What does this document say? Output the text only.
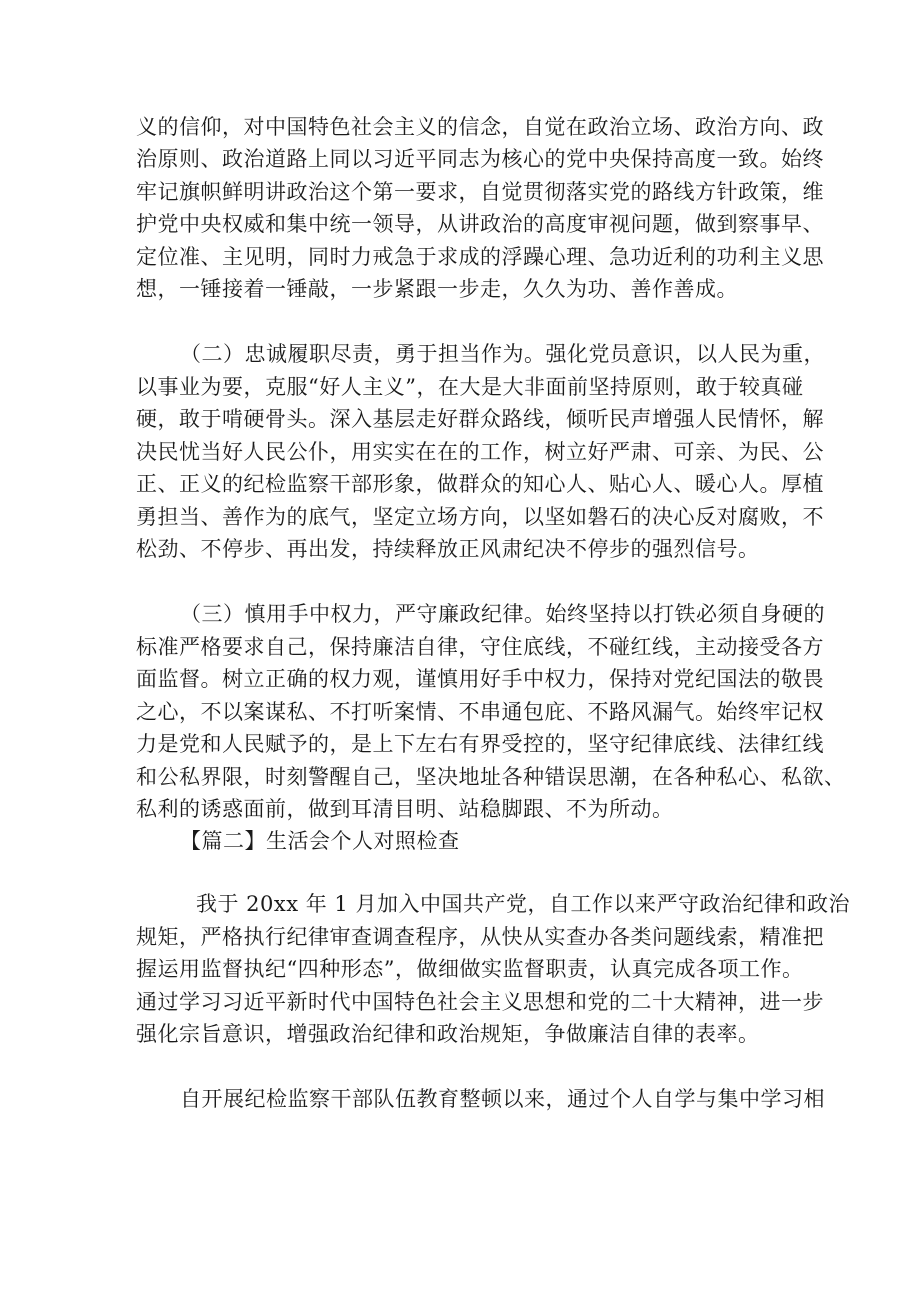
义的信仰，对中国特色社会主义的信念，自觉在政治立场、政治方向、政
治原则、政治道路上同以习近平同志为核心的党中央保持高度一致。始终
牢记旗帜鲜明讲政治这个第一要求，自觉贯彻落实党的路线方针政策，维
护党中央权威和集中统一领导，从讲政治的高度审视问题，做到察事早、
定位准、主见明，同时力戒急于求成的浮躁心理、急功近利的功利主义思
想，一锤接着一锤敲，一步紧跟一步走，久久为功、善作善成。
（二）忠诚履职尽责，勇于担当作为。强化党员意识，以人民为重，
以事业为要，克服“好人主义”，在大是大非面前坚持原则，敢于较真碰
硬，敢于啃硬骨头。深入基层走好群众路线，倾听民声增强人民情怀，解
决民忧当好人民公仆，用实实在在的工作，树立好严肃、可亲、为民、公
正、正义的纪检监察干部形象，做群众的知心人、贴心人、暖心人。厚植
勇担当、善作为的底气，坚定立场方向，以坚如磐石的决心反对腐败，不
松劲、不停步、再出发，持续释放正风肃纪决不停步的强烈信号。
（三）慎用手中权力，严守廉政纪律。始终坚持以打铁必须自身硬的
标准严格要求自己，保持廉洁自律，守住底线，不碰红线，主动接受各方
面监督。树立正确的权力观，谨慎用好手中权力，保持对党纪国法的敬畏
之心，不以案谋私、不打听案情、不串通包庇、不路风漏气。始终牢记权
力是党和人民赋予的，是上下左右有界受控的，坚守纪律底线、法律红线
和公私界限，时刻警醒自己，坚决地址各种错误思潮，在各种私心、私欲、
私利的诱惑面前，做到耳清目明、站稳脚跟、不为所动。
【篇二】生活会个人对照检查
我于 20xx 年 1 月加入中国共产党，自工作以来严守政治纪律和政治
规矩，严格执行纪律审查调查程序，从快从实查办各类问题线索，精准把
握运用监督执纪“四种形态”，做细做实监督职责，认真完成各项工作。
通过学习习近平新时代中国特色社会主义思想和党的二十大精神，进一步
强化宗旨意识，增强政治纪律和政治规矩，争做廉洁自律的表率。
自开展纪检监察干部队伍教育整顿以来，通过个人自学与集中学习相
